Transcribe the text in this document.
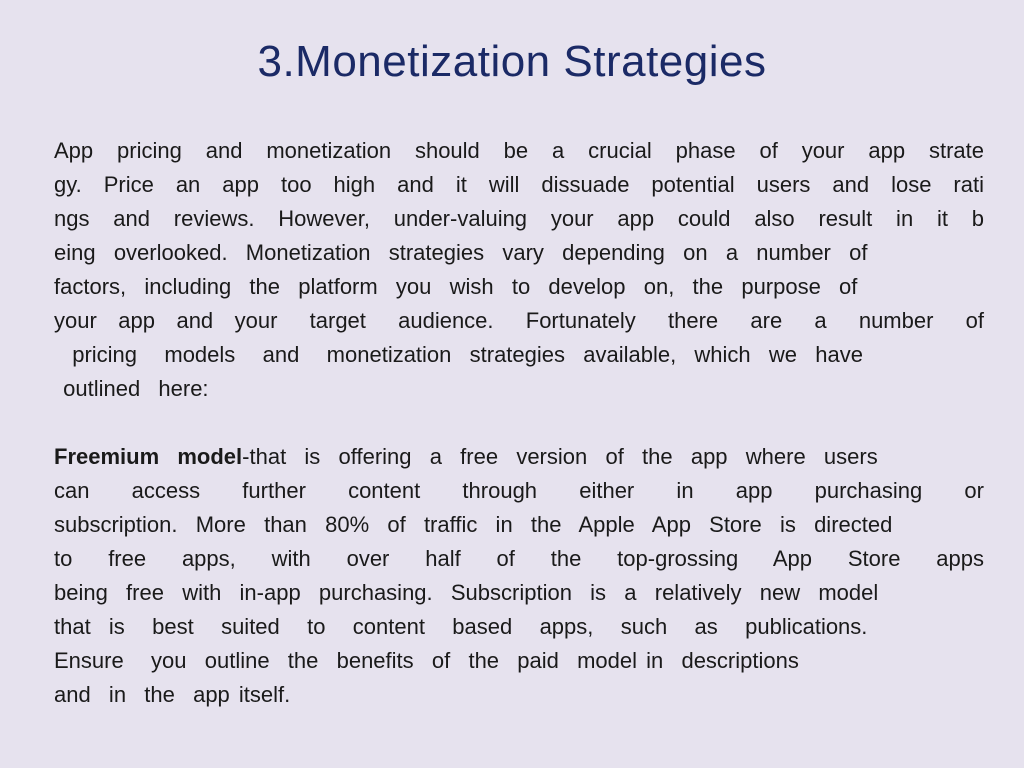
3.Monetization Strategies
App  pricing  and  monetization  should  be  a  crucial  phase  of  your  app  strate
gy.  Price  an  app  too  high  and  it  will  dissuade  potential  users  and  lose  rati
ngs  and  reviews.  However,  under-valuing  your  app  could  also  result  in  it  b
eing  overlooked.  Monetization  strategies  vary  depending  on  a  number  of
factors,  including  the  platform  you  wish  to  develop  on,  the  purpose  of
your  app  and  your   target   audience.   Fortunately   there   are   a   number   of
pricing   models   and   monetization  strategies  available,  which  we  have
outlined  here:
Freemium  model-that  is  offering  a  free  version  of  the  app  where  users
can   access   further   content   through   either   in   app   purchasing   or
subscription.  More  than  80%  of  traffic  in  the  Apple  App  Store  is  directed
to   free   apps,   with   over   half   of   the   top-grossing   App   Store   apps
being  free  with  in-app  purchasing.  Subscription  is  a  relatively  new  model
that  is   best   suited   to   content   based   apps,   such   as   publications.
Ensure   you  outline  the  benefits  of  the  paid  model in  descriptions
and  in  the  app itself.
